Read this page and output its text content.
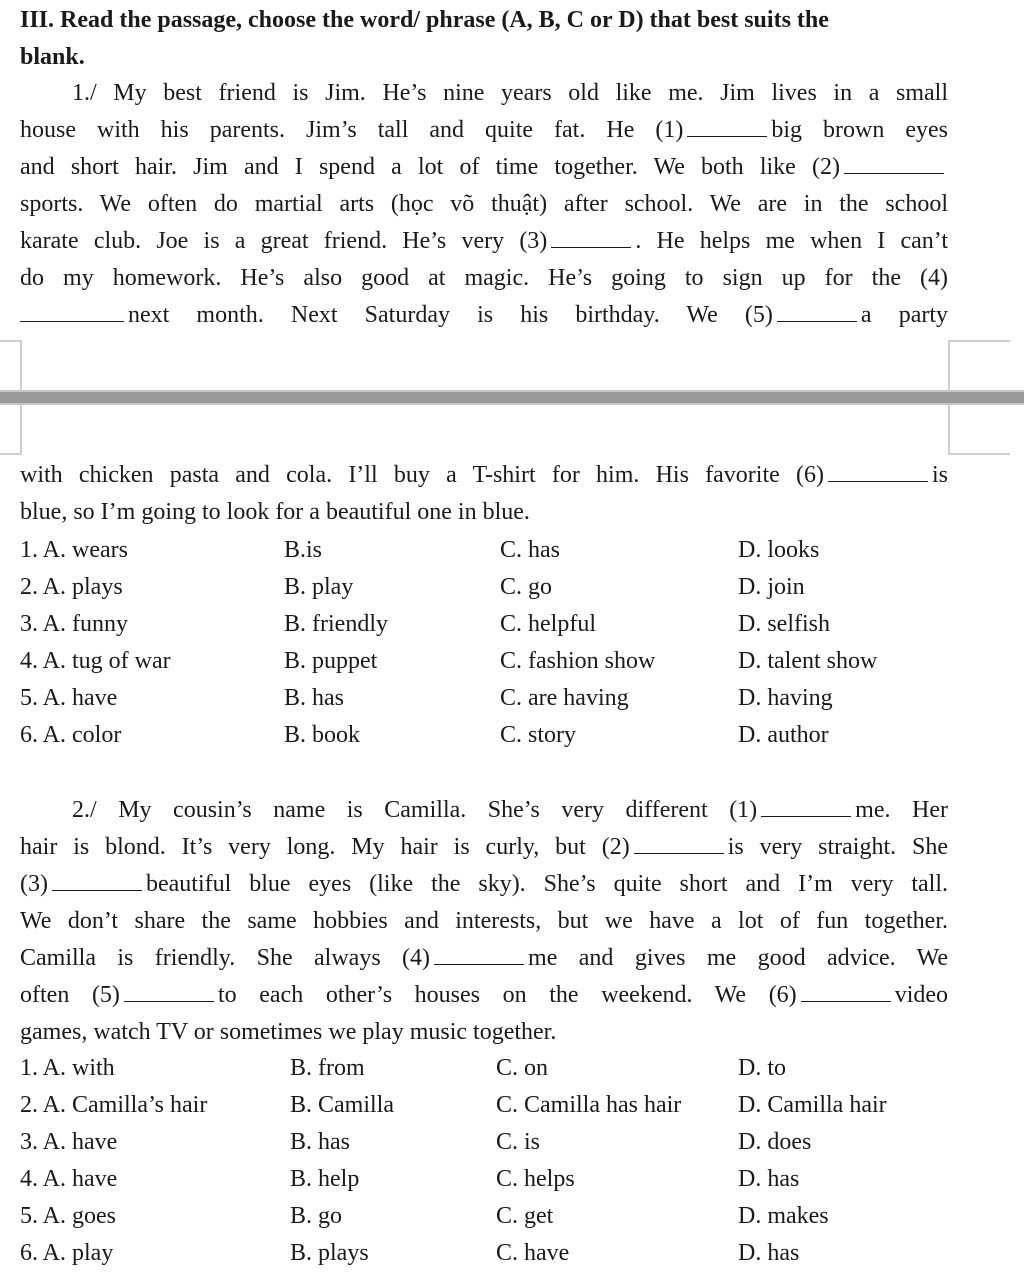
III. Read the passage, choose the word/ phrase (A, B, C or D) that best suits the
blank.
1./ My best friend is Jim. He’s nine years old like me. Jim lives in a small
house with his parents. Jim’s tall and quite fat. He (1)	big brown eyes
and short hair. Jim and I spend a lot of time together. We both like (2)
sports. We often do martial arts (học võ thuật) after school. We are in the school
karate club. Joe is a great friend. He’s very (3)	. He helps me when I can’t
do my homework. He’s also good at magic. He’s going to sign up for the (4)
next month. Next Saturday is his birthday. We (5)	a party
with chicken pasta and cola. I’ll buy a T-shirt for him. His favorite (6)	is
blue, so I’m going to look for a beautiful one in blue.
1. A. wears	B.is	C. has	D. looks
2. A. plays	B. play	C. go	D. join
3. A. funny	B. friendly	C. helpful	D. selfish
4. A. tug of war	B. puppet	C. fashion show	D. talent show
5. A. have	B. has	C. are having	D. having
6. A. color	B. book	C. story	D. author
2./ My cousin’s name is Camilla. She’s very different (1)	me. Her
hair is blond. It’s very long. My hair is curly, but (2)	is very straight. She
(3)	beautiful blue eyes (like the sky). She’s quite short and I’m very tall.
We don’t share the same hobbies and interests, but we have a lot of fun together.
Camilla is friendly. She always (4)	me and gives me good advice. We
often (5)	to each other’s houses on the weekend. We (6)	video
games, watch TV or sometimes we play music together.
1. A. with	B. from	C. on	D. to
2. A. Camilla’s hair	B. Camilla	C. Camilla has hair D. Camilla hair
3. A. have	B. has	C. is	D. does
4. A. have	B. help	C. helps	D. has
5. A. goes	B. go	C. get	D. makes
6. A. play	B. plays	C. have	D. has
